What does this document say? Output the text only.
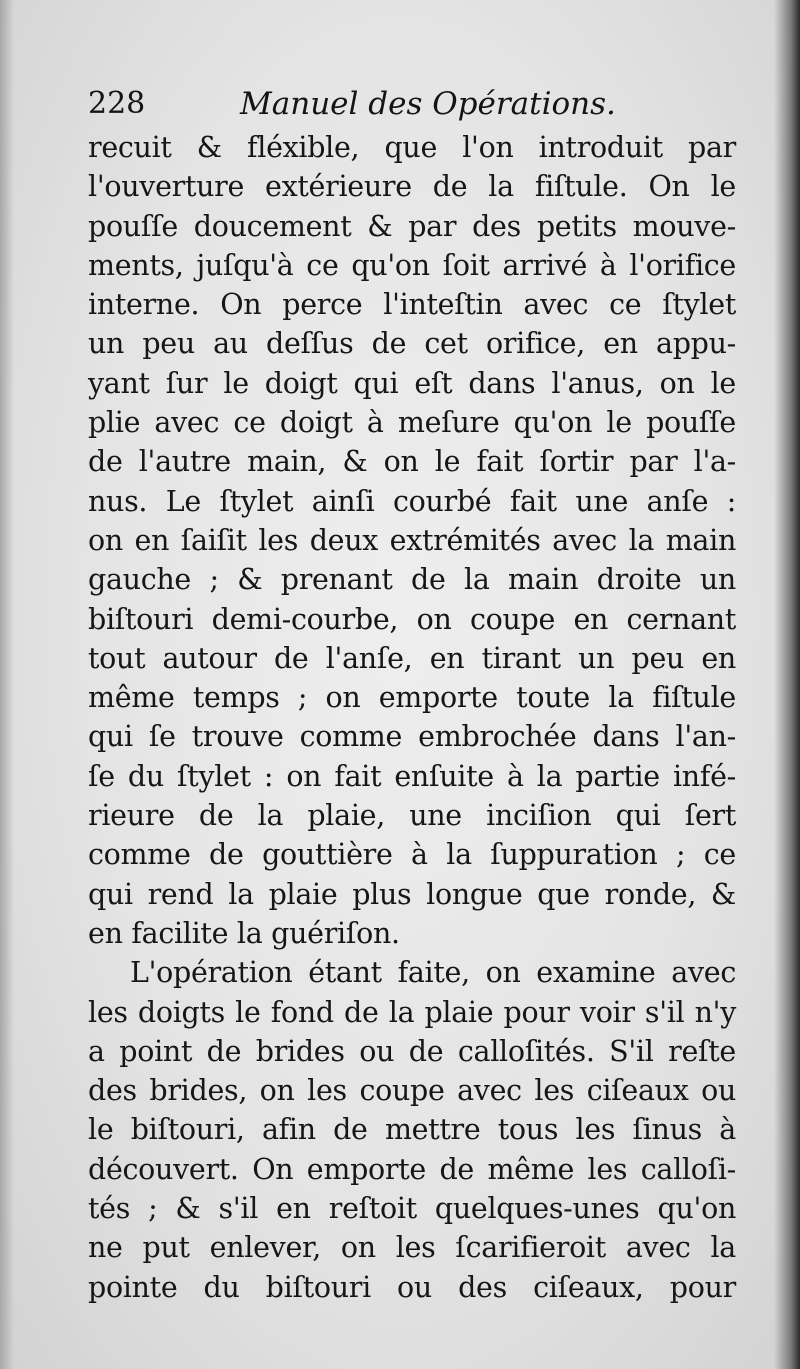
228	Manuel des Opérations.
recuit & fléxible, que l'on introduit par
l'ouverture extérieure de la fiſtule. On le
pouſſe doucement & par des petits mouve-
ments, juſqu'à ce qu'on ſoit arrivé à l'orifice
interne. On perce l'inteſtin avec ce ſtylet
un peu au deſſus de cet orifice, en appu-
yant ſur le doigt qui eſt dans l'anus, on le
plie avec ce doigt à meſure qu'on le pouſſe
de l'autre main, & on le fait ſortir par l'a-
nus. Le ſtylet ainſi courbé fait une anſe :
on en ſaiſit les deux extrémités avec la main
gauche ; & prenant de la main droite un
biſtouri demi-courbe, on coupe en cernant
tout autour de l'anſe, en tirant un peu en
même temps ; on emporte toute la fiſtule
qui ſe trouve comme embrochée dans l'an-
ſe du ſtylet : on fait enſuite à la partie infé-
rieure de la plaie, une inciſion qui ſert
comme de gouttière à la ſuppuration ; ce
qui rend la plaie plus longue que ronde, &
en facilite la guériſon.
L'opération étant faite, on examine avec
les doigts le fond de la plaie pour voir s'il n'y
a point de brides ou de calloſités. S'il reſte
des brides, on les coupe avec les ciſeaux ou
le biſtouri, afin de mettre tous les ſinus à
découvert. On emporte de même les calloſi-
tés ; & s'il en reſtoit quelques-unes qu'on
ne put enlever, on les ſcarifieroit avec la
pointe du biſtouri ou des ciſeaux, pour
